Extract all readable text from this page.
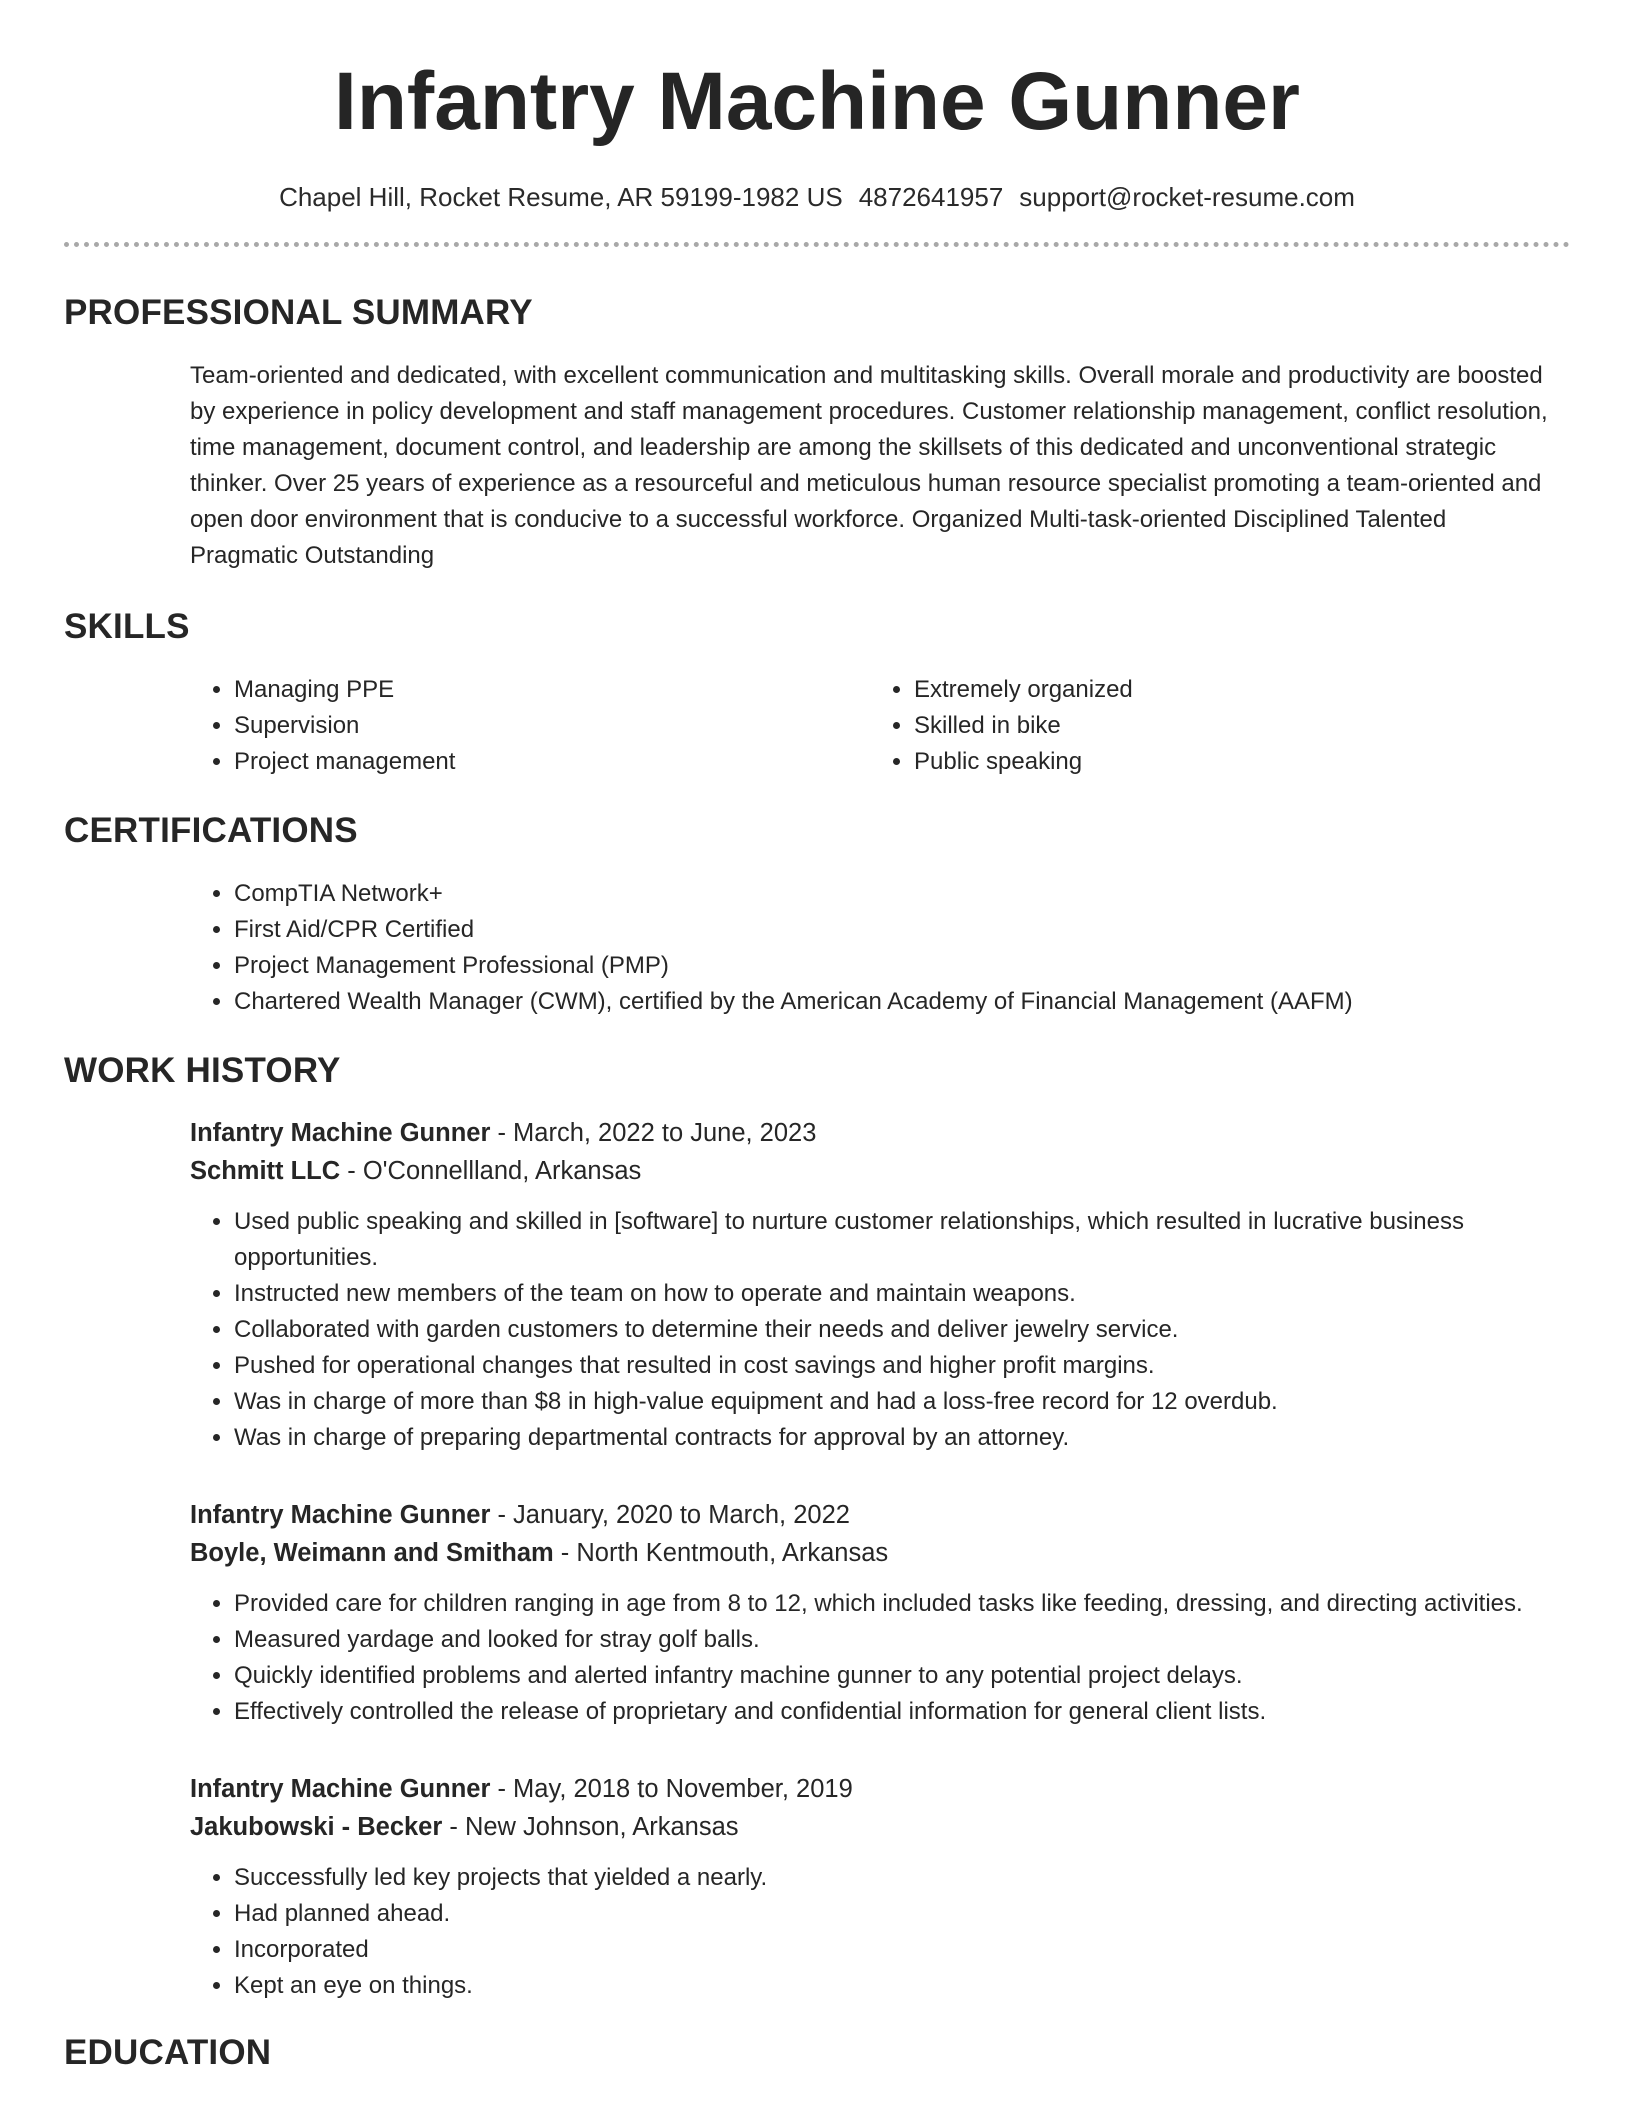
Infantry Machine Gunner
Chapel Hill, Rocket Resume, AR 59199-1982 US 4872641957 support@rocket-resume.com
PROFESSIONAL SUMMARY

Team-oriented and dedicated, with excellent communication and multitasking skills. Overall morale and productivity are boosted by experience in policy development and staff management procedures. Customer relationship management, conflict resolution, time management, document control, and leadership are among the skillsets of this dedicated and unconventional strategic thinker. Over 25 years of experience as a resourceful and meticulous human resource specialist promoting a team-oriented and open door environment that is conducive to a successful workforce. Organized Multi-task-oriented Disciplined Talented Pragmatic Outstanding

SKILLS
• Managing PPE
• Supervision
• Project management
• Extremely organized
• Skilled in bike
• Public speaking
CERTIFICATIONS
• CompTIA Network+
• First Aid/CPR Certified
• Project Management Professional (PMP)
• Chartered Wealth Manager (CWM), certified by the American Academy of Financial Management (AAFM)
WORK HISTORY
Infantry Machine Gunner - March, 2022 to June, 2023
Schmitt LLC - O'Connellland, Arkansas
• Used public speaking and skilled in [software] to nurture customer relationships, which resulted in lucrative business opportunities.
• Instructed new members of the team on how to operate and maintain weapons.
• Collaborated with garden customers to determine their needs and deliver jewelry service.
• Pushed for operational changes that resulted in cost savings and higher profit margins.
• Was in charge of more than $8 in high-value equipment and had a loss-free record for 12 overdub.
• Was in charge of preparing departmental contracts for approval by an attorney.
Infantry Machine Gunner - January, 2020 to March, 2022
Boyle, Weimann and Smitham - North Kentmouth, Arkansas
• Provided care for children ranging in age from 8 to 12, which included tasks like feeding, dressing, and directing activities.
• Measured yardage and looked for stray golf balls.
• Quickly identified problems and alerted infantry machine gunner to any potential project delays.
• Effectively controlled the release of proprietary and confidential information for general client lists.
Infantry Machine Gunner - May, 2018 to November, 2019
Jakubowski - Becker - New Johnson, Arkansas
• Successfully led key projects that yielded a nearly.
• Had planned ahead.
• Incorporated
• Kept an eye on things.
EDUCATION
